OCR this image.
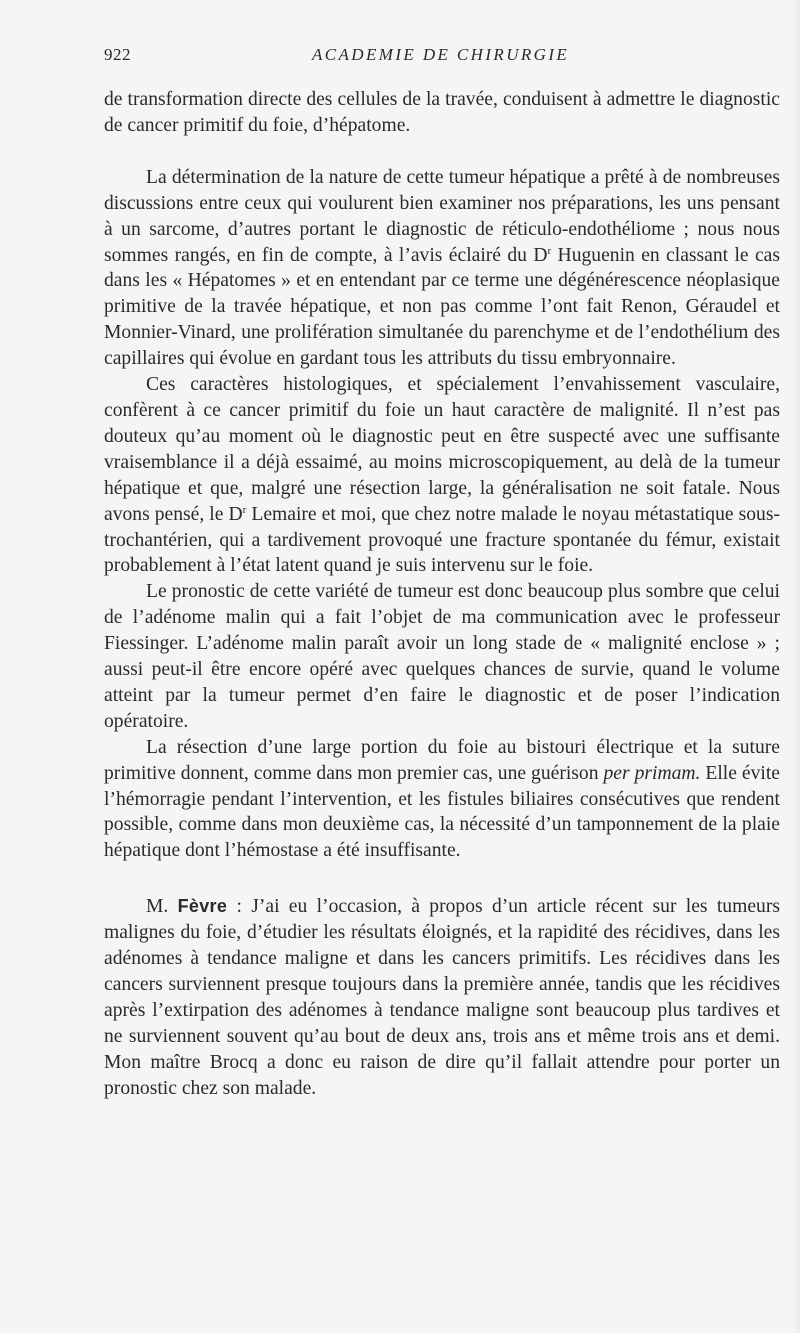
922	ACADEMIE DE CHIRURGIE

de transformation directe des cellules de la travée, conduisent à admettre le diagnostic de cancer primitif du foie, d’hépatome.

La détermination de la nature de cette tumeur hépatique a prêté à de nombreuses discussions entre ceux qui voulurent bien examiner nos préparations, les uns pensant à un sarcome, d’autres portant le diagnostic de réticulo-endothéliome ; nous nous sommes rangés, en fin de compte, à l’avis éclairé du $D^r$ Huguenin en classant le cas dans les « Hépatomes » et en entendant par ce terme une dégénérescence néoplasique primitive de la travée hépatique, et non pas comme l’ont fait Renon, Géraudel et Monnier-Vinard, une prolifération simultanée du parenchyme et de l’endothélium des capillaires qui évolue en gardant tous les attributs du tissu embryonnaire.

Ces caractères histologiques, et spécialement l’envahissement vasculaire, confèrent à ce cancer primitif du foie un haut caractère de malignité. Il n’est pas douteux qu’au moment où le diagnostic peut en être suspecté avec une suffisante vraisemblance il a déjà essaimé, au moins microscopiquement, au delà de la tumeur hépatique et que, malgré une résection large, la généralisation ne soit fatale. Nous avons pensé, le $D^r$ Lemaire et moi, que chez notre malade le noyau métastatique sous-trochantérien, qui a tardivement provoqué une fracture spontanée du fémur, existait probablement à l’état latent quand je suis intervenu sur le foie.

Le pronostic de cette variété de tumeur est donc beaucoup plus sombre que celui de l’adénome malin qui a fait l’objet de ma communication avec le professeur Fiessinger. L’adénome malin paraît avoir un long stade de « malignité enclose » ; aussi peut-il être encore opéré avec quelques chances de survie, quand le volume atteint par la tumeur permet d’en faire le diagnostic et de poser l’indication opératoire.

La résection d’une large portion du foie au bistouri électrique et la suture primitive donnent, comme dans mon premier cas, une guérison per primam. Elle évite l’hémorragie pendant l’intervention, et les fistules biliaires consécutives que rendent possible, comme dans mon deuxième cas, la nécessité d’un tamponnement de la plaie hépatique dont l’hémostase a été insuffisante.

M. Fèvre : J’ai eu l’occasion, à propos d’un article récent sur les tumeurs malignes du foie, d’étudier les résultats éloignés, et la rapidité des récidives, dans les adénomes à tendance maligne et dans les cancers primitifs. Les récidives dans les cancers surviennent presque toujours dans la première année, tandis que les récidives après l’extirpation des adénomes à tendance maligne sont beaucoup plus tardives et ne surviennent souvent qu’au bout de deux ans, trois ans et même trois ans et demi. Mon maître Brocq a donc eu raison de dire qu’il fallait attendre pour porter un pronostic chez son malade.
